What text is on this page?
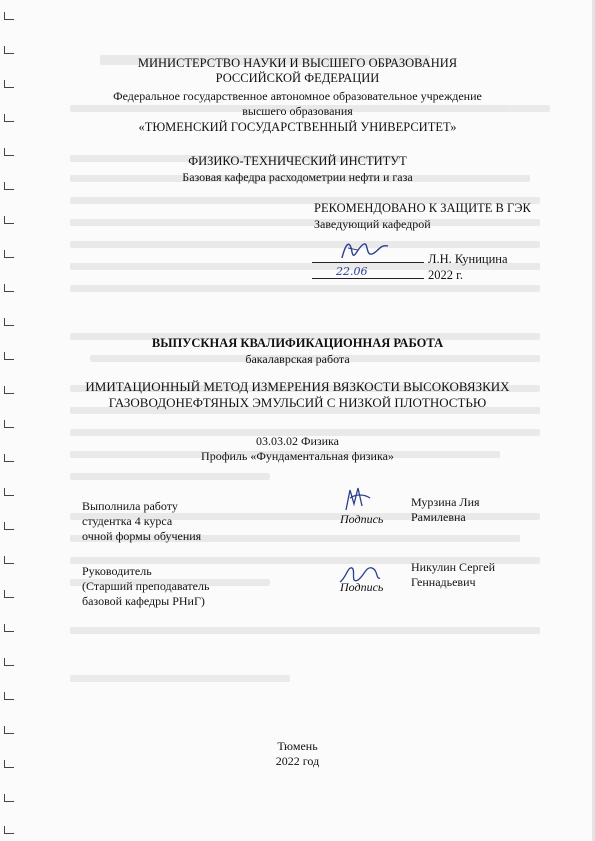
МИНИСТЕРСТВО НАУКИ И ВЫСШЕГО ОБРАЗОВАНИЯ
РОССИЙСКОЙ ФЕДЕРАЦИИ
Федеральное государственное автономное образовательное учреждение
высшего образования
«ТЮМЕНСКИЙ ГОСУДАРСТВЕННЫЙ УНИВЕРСИТЕТ»
ФИЗИКО-ТЕХНИЧЕСКИЙ ИНСТИТУТ
Базовая кафедра расходометрии нефти и газа
РЕКОМЕНДОВАНО К ЗАЩИТЕ В ГЭК
Заведующий кафедрой
22.06
Л.Н. Куницина
2022 г.
ВЫПУСКНАЯ КВАЛИФИКАЦИОННАЯ РАБОТА
бакалаврская работа
ИМИТАЦИОННЫЙ МЕТОД ИЗМЕРЕНИЯ ВЯЗКОСТИ ВЫСОКОВЯЗКИХ
ГАЗОВОДОНЕФТЯНЫХ ЭМУЛЬСИЙ С НИЗКОЙ ПЛОТНОСТЬЮ
03.03.02 Физика
Профиль «Фундаментальная физика»
Выполнила работу
студентка 4 курса
очной формы обучения
Подпись
Мурзина Лия
Рамилевна
Руководитель
(Старший преподаватель
базовой кафедры РНиГ)
Подпись
Никулин Сергей
Геннадьевич
Тюмень
2022 год
